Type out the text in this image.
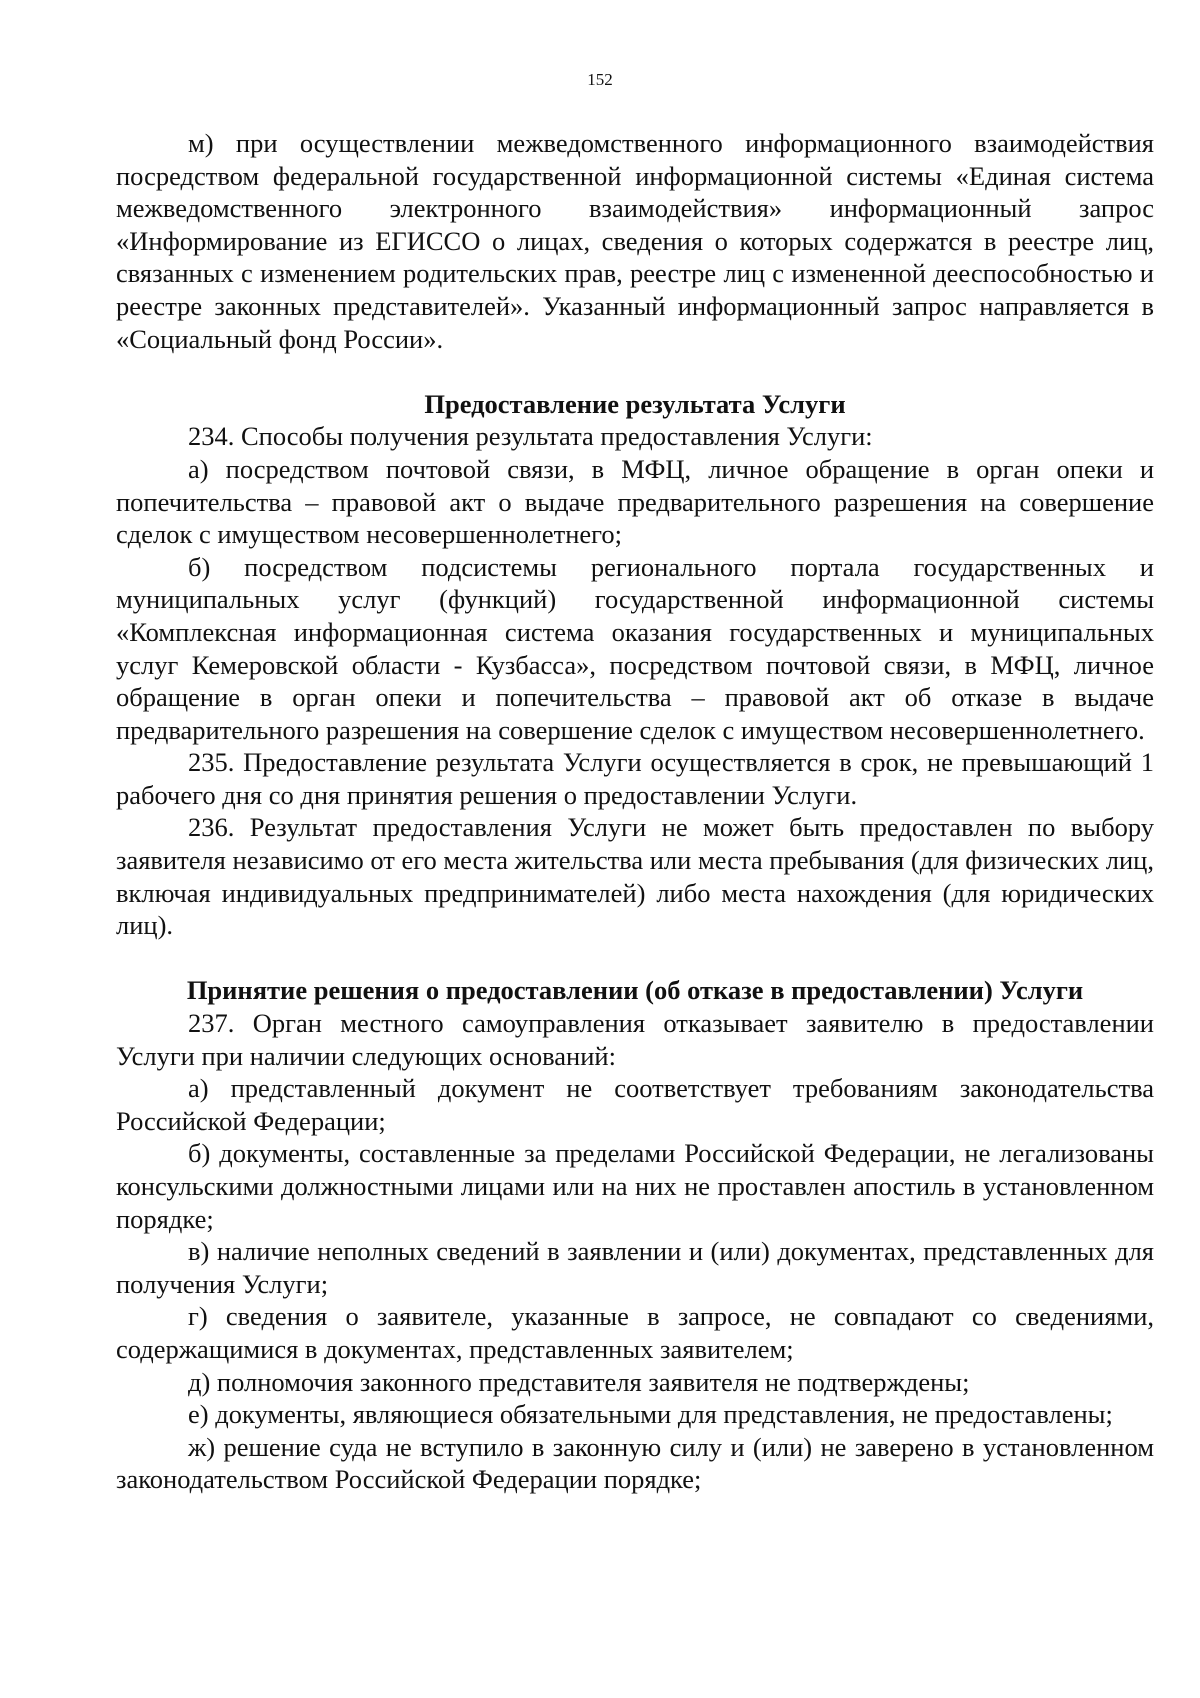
152

м) при осуществлении межведомственного информационного взаимодействия посредством федеральной государственной информационной системы «Единая система межведомственного электронного взаимодействия» информационный запрос «Информирование из ЕГИССО о лицах, сведения о которых содержатся в реестре лиц, связанных с изменением родительских прав, реестре лиц с измененной дееспособностью и реестре законных представителей». Указанный информационный запрос направляется в «Социальный фонд России».

Предоставление результата Услуги

234. Способы получения результата предоставления Услуги:

а) посредством почтовой связи, в МФЦ, личное обращение в орган опеки и попечительства – правовой акт о выдаче предварительного разрешения на совершение сделок с имуществом несовершеннолетнего;

б) посредством подсистемы регионального портала государственных и муниципальных услуг (функций) государственной информационной системы «Комплексная информационная система оказания государственных и муниципальных услуг Кемеровской области - Кузбасса», посредством почтовой связи, в МФЦ, личное обращение в орган опеки и попечительства – правовой акт об отказе в выдаче предварительного разрешения на совершение сделок с имуществом несовершеннолетнего.

235. Предоставление результата Услуги осуществляется в срок, не превышающий 1 рабочего дня со дня принятия решения о предоставлении Услуги.

236. Результат предоставления Услуги не может быть предоставлен по выбору заявителя независимо от его места жительства или места пребывания (для физических лиц, включая индивидуальных предпринимателей) либо места нахождения (для юридических лиц).

Принятие решения о предоставлении (об отказе в предоставлении) Услуги

237. Орган местного самоуправления отказывает заявителю в предоставлении Услуги при наличии следующих оснований:

а) представленный документ не соответствует требованиям законодательства Российской Федерации;

б) документы, составленные за пределами Российской Федерации, не легализованы консульскими должностными лицами или на них не проставлен апостиль в установленном порядке;

в) наличие неполных сведений в заявлении и (или) документах, представленных для получения Услуги;

г) сведения о заявителе, указанные в запросе, не совпадают со сведениями, содержащимися в документах, представленных заявителем;

д) полномочия законного представителя заявителя не подтверждены;

е) документы, являющиеся обязательными для представления, не предоставлены;

ж) решение суда не вступило в законную силу и (или) не заверено в установленном законодательством Российской Федерации порядке;
